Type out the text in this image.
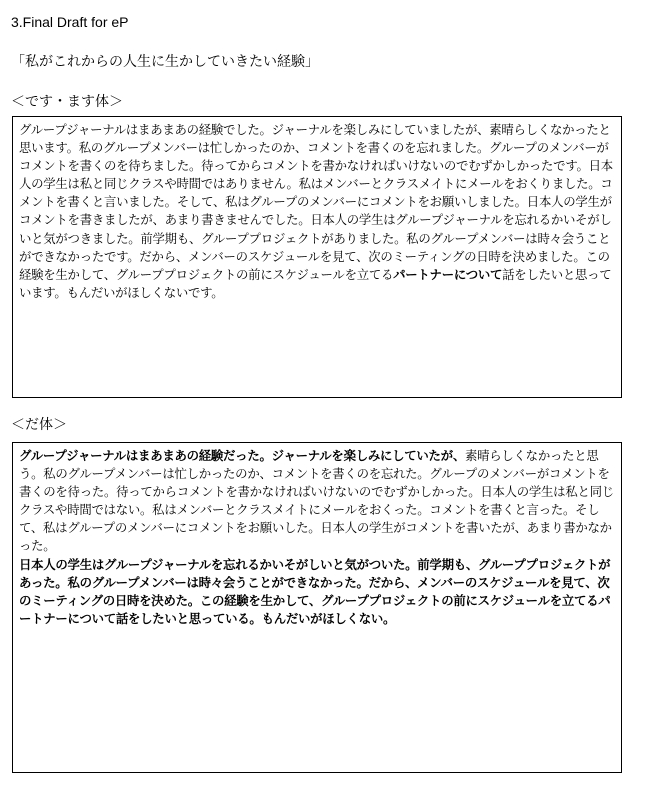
3.Final Draft for eP
「私がこれからの人生に生かしていきたい経験」
＜です・ます体＞

グループジャーナルはまあまあの経験でした。ジャーナルを楽しみにしていましたが、素晴らしくなかったと思います。私のグループメンバーは忙しかったのか、コメントを書くのを忘れました。グループのメンバーがコメントを書くのを待ちました。待ってからコメントを書かなければいけないのでむずかしかったです。日本人の学生は私と同じクラスや時間ではありません。私はメンバーとクラスメイトにメールをおくりました。コメントを書くと言いました。そして、私はグループのメンバーにコメントをお願いしました。日本人の学生がコメントを書きましたが、あまり書きませんでした。日本人の学生はグループジャーナルを忘れるかいそがしいと気がつきました。前学期も、グループプロジェクトがありました。私のグループメンバーは時々会うことができなかったです。だから、メンバーのスケジュールを見て、次のミーティングの日時を決めました。この経験を生かして、グループプロジェクトの前にスケジュールを立てるパートナーについて話をしたいと思っています。もんだいがほしくないです。

＜だ体＞

グループジャーナルはまあまあの経験だった。ジャーナルを楽しみにしていたが、素晴らしくなかったと思う。私のグループメンバーは忙しかったのか、コメントを書くのを忘れた。グループのメンバーがコメントを書くのを待った。待ってからコメントを書かなければいけないのでむずかしかった。日本人の学生は私と同じクラスや時間ではない。私はメンバーとクラスメイトにメールをおくった。コメントを書くと言った。そして、私はグループのメンバーにコメントをお願いした。日本人の学生がコメントを書いたが、あまり書かなかった。
日本人の学生はグループジャーナルを忘れるかいそがしいと気がついた。前学期も、グループプロジェクトがあった。私のグループメンバーは時々会うことができなかった。だから、メンバーのスケジュールを見て、次のミーティングの日時を決めた。この経験を生かして、グループプロジェクトの前にスケジュールを立てるパートナーについて話をしたいと思っている。もんだいがほしくない。
